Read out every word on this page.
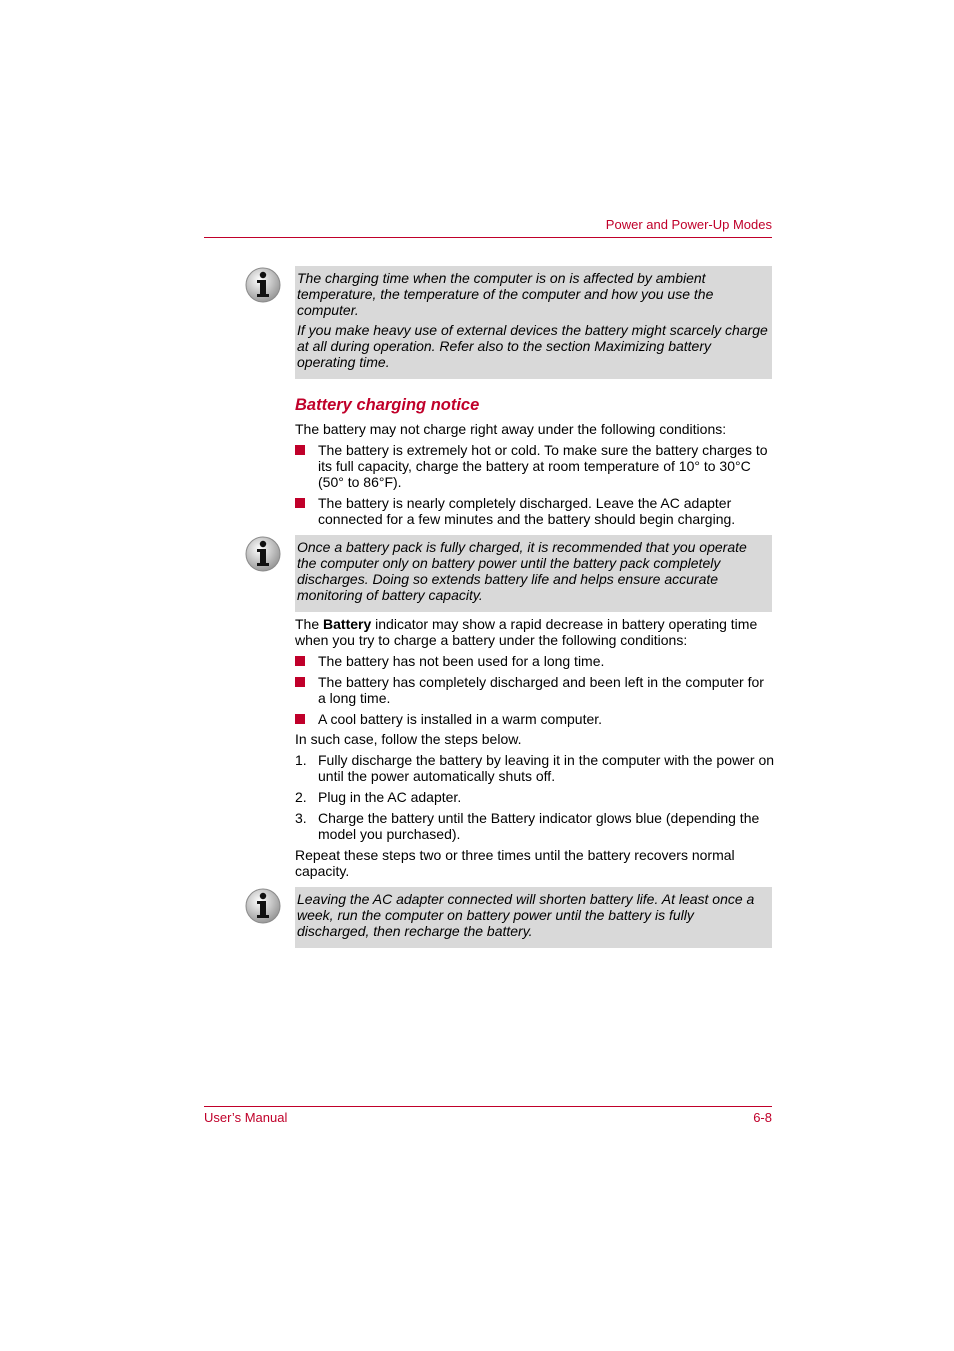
Power and Power-Up Modes

The charging time when the computer is on is affected by ambient temperature, the temperature of the computer and how you use the computer.

If you make heavy use of external devices the battery might scarcely charge at all during operation. Refer also to the section Maximizing battery operating time.

Battery charging notice
The battery may not charge right away under the following conditions:
The battery is extremely hot or cold. To make sure the battery charges to its full capacity, charge the battery at room temperature of 10° to 30°C (50° to 86°F).
The battery is nearly completely discharged. Leave the AC adapter connected for a few minutes and the battery should begin charging.

Once a battery pack is fully charged, it is recommended that you operate the computer only on battery power until the battery pack completely discharges. Doing so extends battery life and helps ensure accurate monitoring of battery capacity.

The Battery indicator may show a rapid decrease in battery operating time when you try to charge a battery under the following conditions:
The battery has not been used for a long time.
The battery has completely discharged and been left in the computer for a long time.
A cool battery is installed in a warm computer.
In such case, follow the steps below.
1. Fully discharge the battery by leaving it in the computer with the power on until the power automatically shuts off.
2. Plug in the AC adapter.
3. Charge the battery until the Battery indicator glows blue (depending the model you purchased).
Repeat these steps two or three times until the battery recovers normal capacity.

Leaving the AC adapter connected will shorten battery life. At least once a week, run the computer on battery power until the battery is fully discharged, then recharge the battery.

User’s Manual	6-8
